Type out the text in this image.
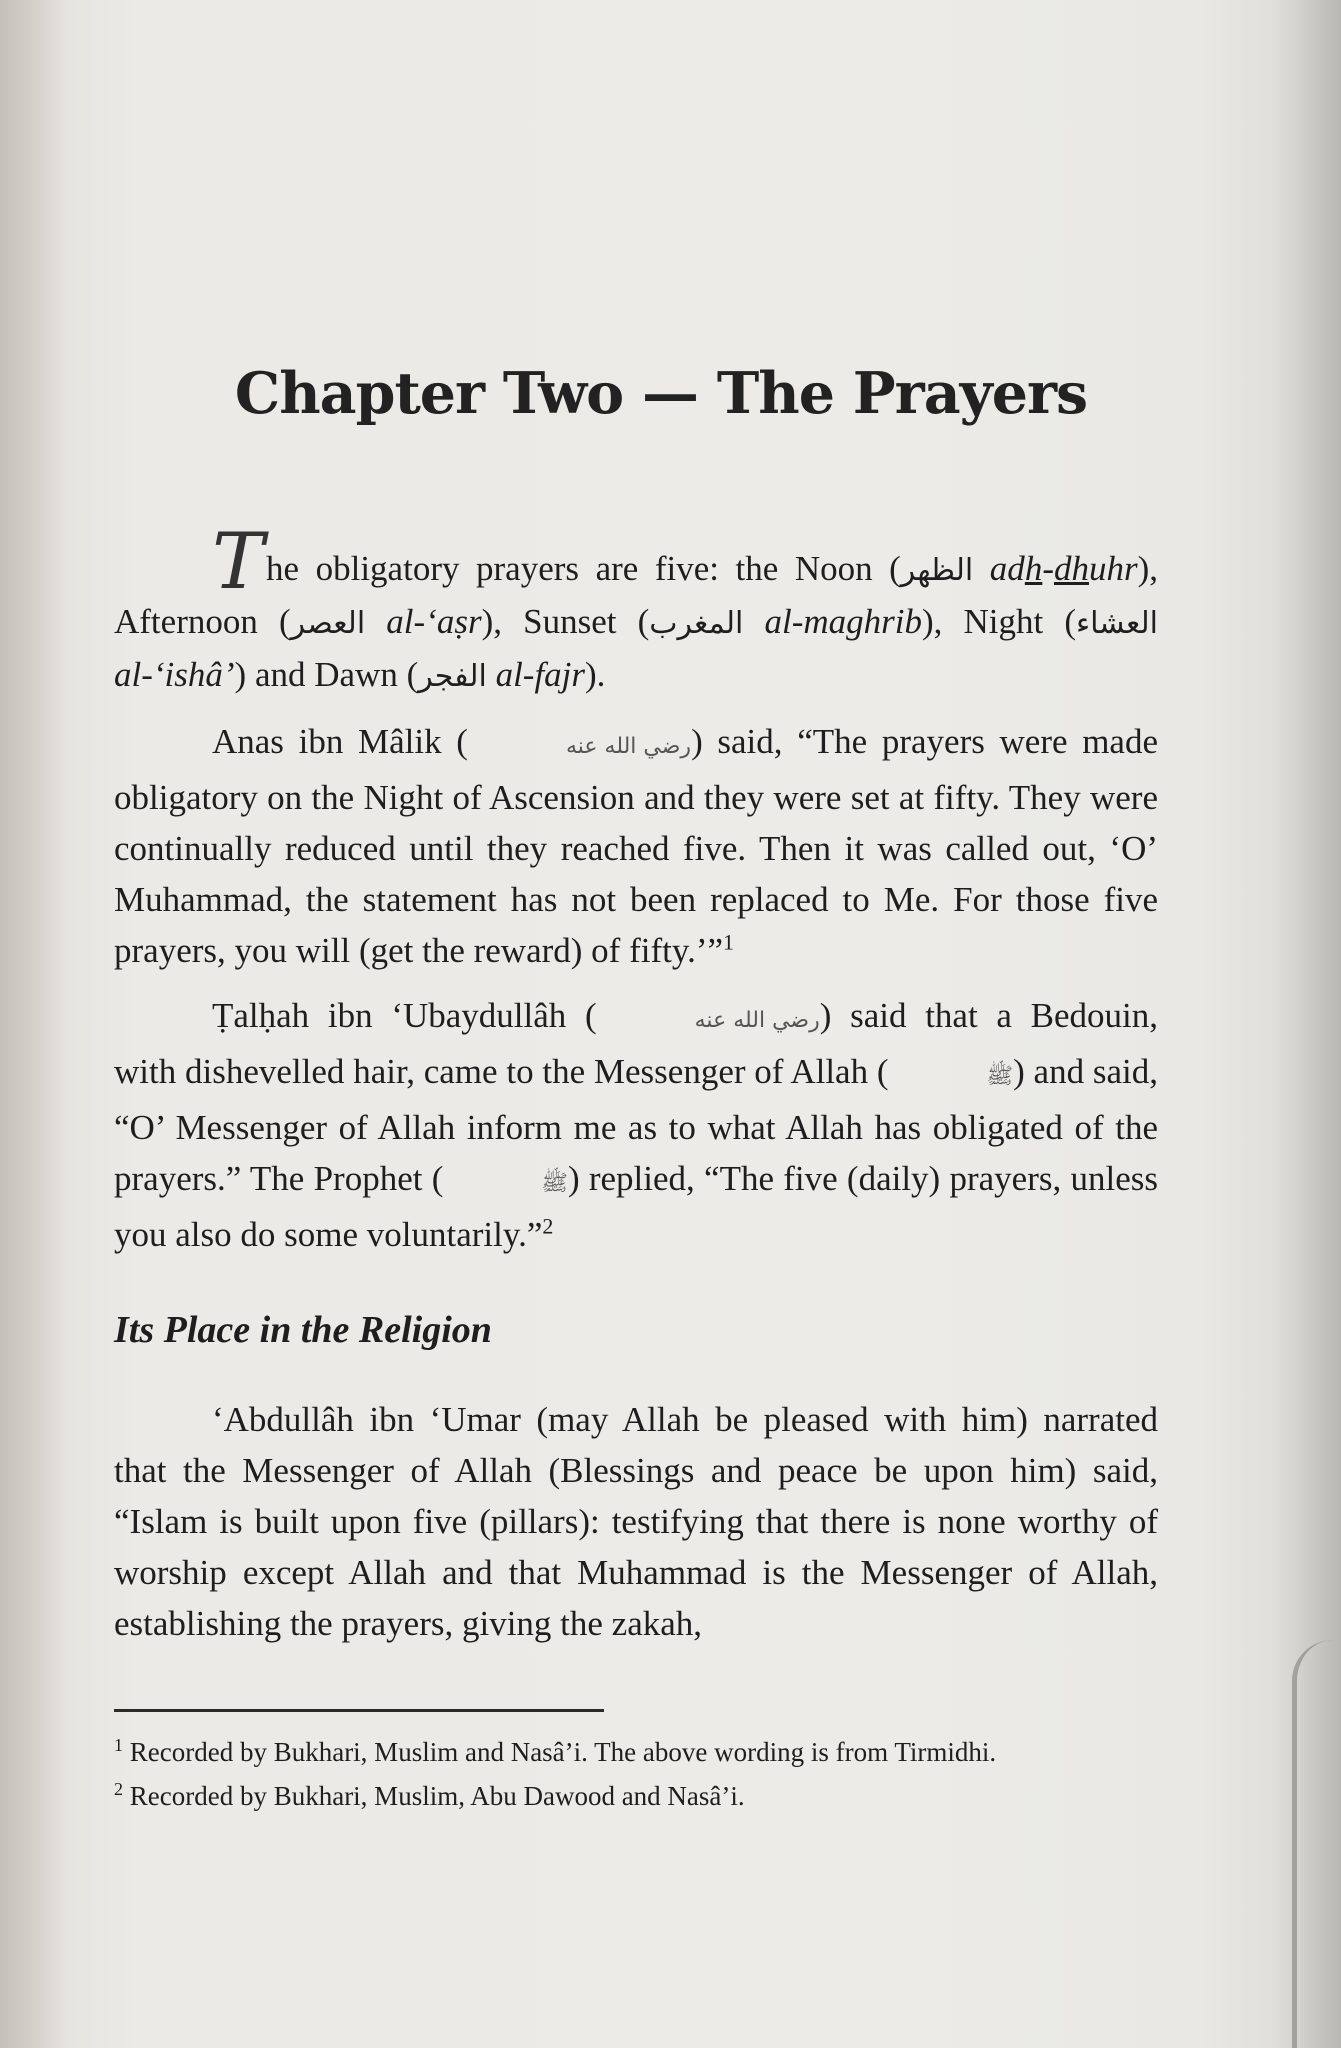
Chapter Two — The Prayers

The obligatory prayers are five: the Noon (الظهر adh-dhuhr), Afternoon (العصر al-‘aṣr), Sunset (المغرب al-maghrib), Night (العشاء al-‘ishâ’) and Dawn (الفجر al-fajr).

Anas ibn Mâlik (	رضي الله عنه) said, “The prayers were made obligatory on the Night of Ascension and they were set at fifty. They were continually reduced until they reached five. Then it was called out, ‘O’ Muhammad, the statement has not been replaced to Me. For those five prayers, you will (get the reward) of fifty.’”$^1$

Ṭalḥah ibn ‘Ubaydullâh (	رضي الله عنه) said that a Bedouin, with dishevelled hair, came to the Messenger of Allah (	ﷺ) and said, “O’ Messenger of Allah inform me as to what Allah has obligated of the prayers.” The Prophet (	ﷺ) replied, “The five (daily) prayers, unless you also do some voluntarily.”$^2$

Its Place in the Religion

‘Abdullâh ibn ‘Umar (may Allah be pleased with him) narrated that the Messenger of Allah (Blessings and peace be upon him) said, “Islam is built upon five (pillars): testifying that there is none worthy of worship except Allah and that Muhammad is the Messenger of Allah, establishing the prayers, giving the zakah,

$^1$ Recorded by Bukhari, Muslim and Nasâ’i. The above wording is from Tirmidhi.

$^2$ Recorded by Bukhari, Muslim, Abu Dawood and Nasâ’i.
